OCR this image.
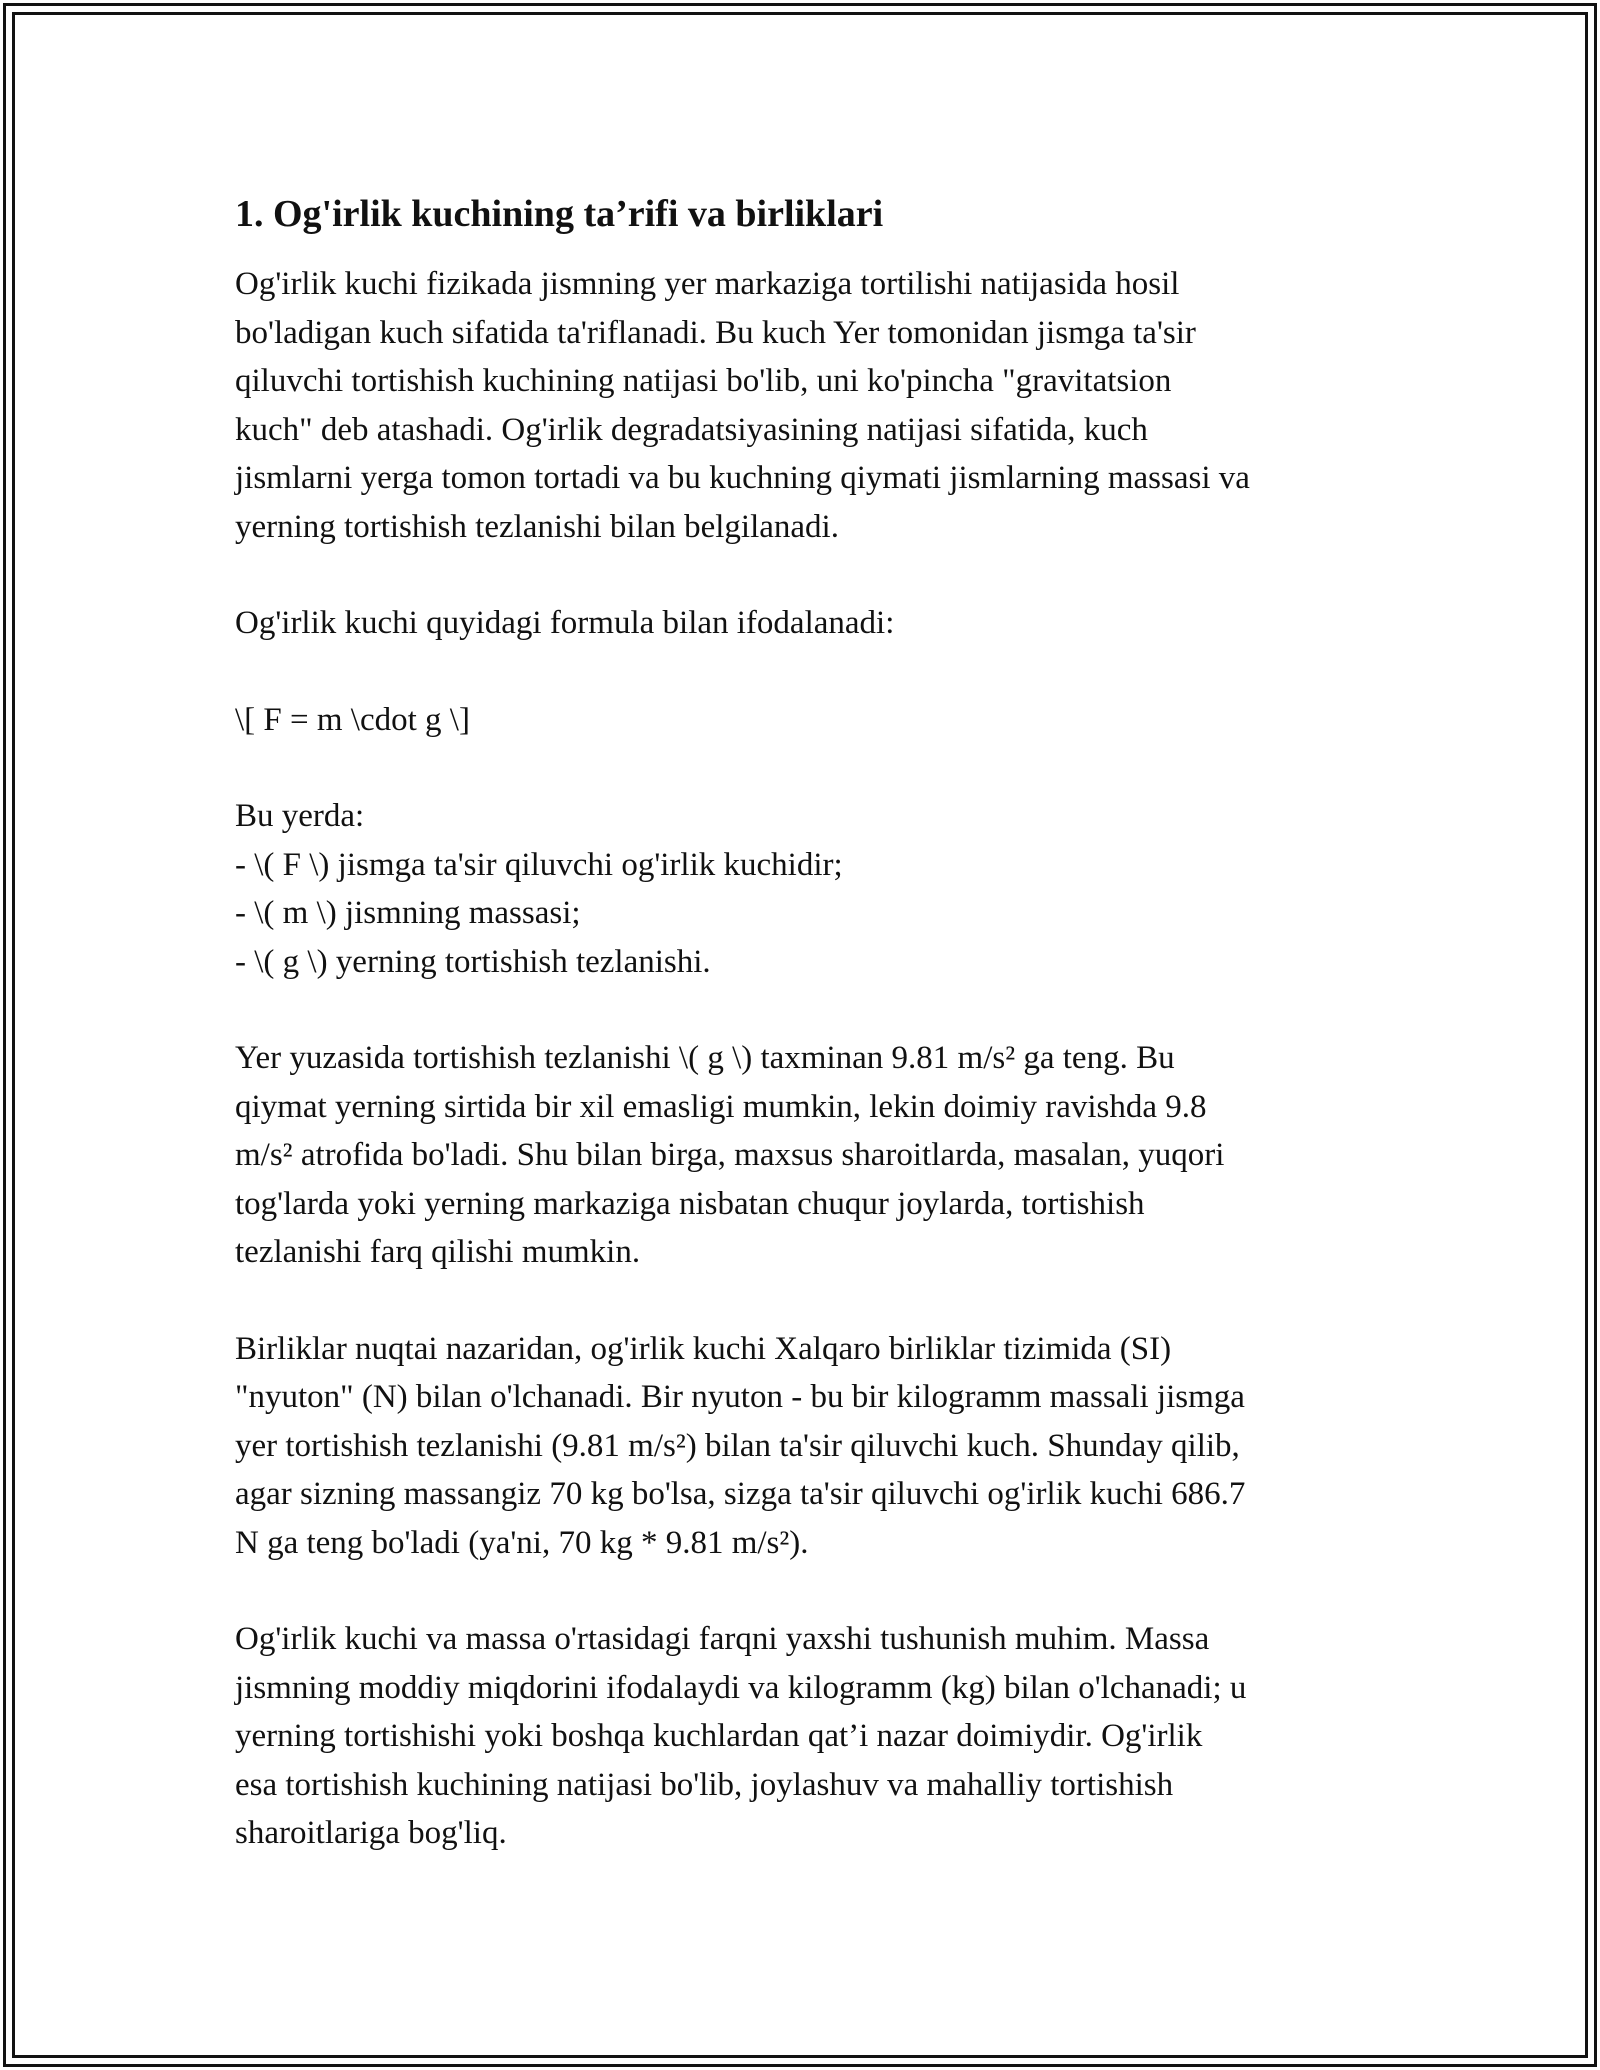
1. Og'irlik kuchining ta’rifi va birliklari

Og'irlik kuchi fizikada jismning yer markaziga tortilishi natijasida hosil
bo'ladigan kuch sifatida ta'riflanadi. Bu kuch Yer tomonidan jismga ta'sir
qiluvchi tortishish kuchining natijasi bo'lib, uni ko'pincha "gravitatsion
kuch" deb atashadi. Og'irlik degradatsiyasining natijasi sifatida, kuch
jismlarni yerga tomon tortadi va bu kuchning qiymati jismlarning massasi va
yerning tortishish tezlanishi bilan belgilanadi.

Og'irlik kuchi quyidagi formula bilan ifodalanadi:

\[ F = m \cdot g \]

Bu yerda:
- \( F \) jismga ta'sir qiluvchi og'irlik kuchidir;
- \( m \) jismning massasi;
- \( g \) yerning tortishish tezlanishi.

Yer yuzasida tortishish tezlanishi \( g \) taxminan 9.81 m/s² ga teng. Bu
qiymat yerning sirtida bir xil emasligi mumkin, lekin doimiy ravishda 9.8
m/s² atrofida bo'ladi. Shu bilan birga, maxsus sharoitlarda, masalan, yuqori
tog'larda yoki yerning markaziga nisbatan chuqur joylarda, tortishish
tezlanishi farq qilishi mumkin.

Birliklar nuqtai nazaridan, og'irlik kuchi Xalqaro birliklar tizimida (SI)
"nyuton" (N) bilan o'lchanadi. Bir nyuton - bu bir kilogramm massali jismga
yer tortishish tezlanishi (9.81 m/s²) bilan ta'sir qiluvchi kuch. Shunday qilib,
agar sizning massangiz 70 kg bo'lsa, sizga ta'sir qiluvchi og'irlik kuchi 686.7
N ga teng bo'ladi (ya'ni, 70 kg * 9.81 m/s²).

Og'irlik kuchi va massa o'rtasidagi farqni yaxshi tushunish muhim. Massa
jismning moddiy miqdorini ifodalaydi va kilogramm (kg) bilan o'lchanadi; u
yerning tortishishi yoki boshqa kuchlardan qat’i nazar doimiydir. Og'irlik
esa tortishish kuchining natijasi bo'lib, joylashuv va mahalliy tortishish
sharoitlariga bog'liq.
